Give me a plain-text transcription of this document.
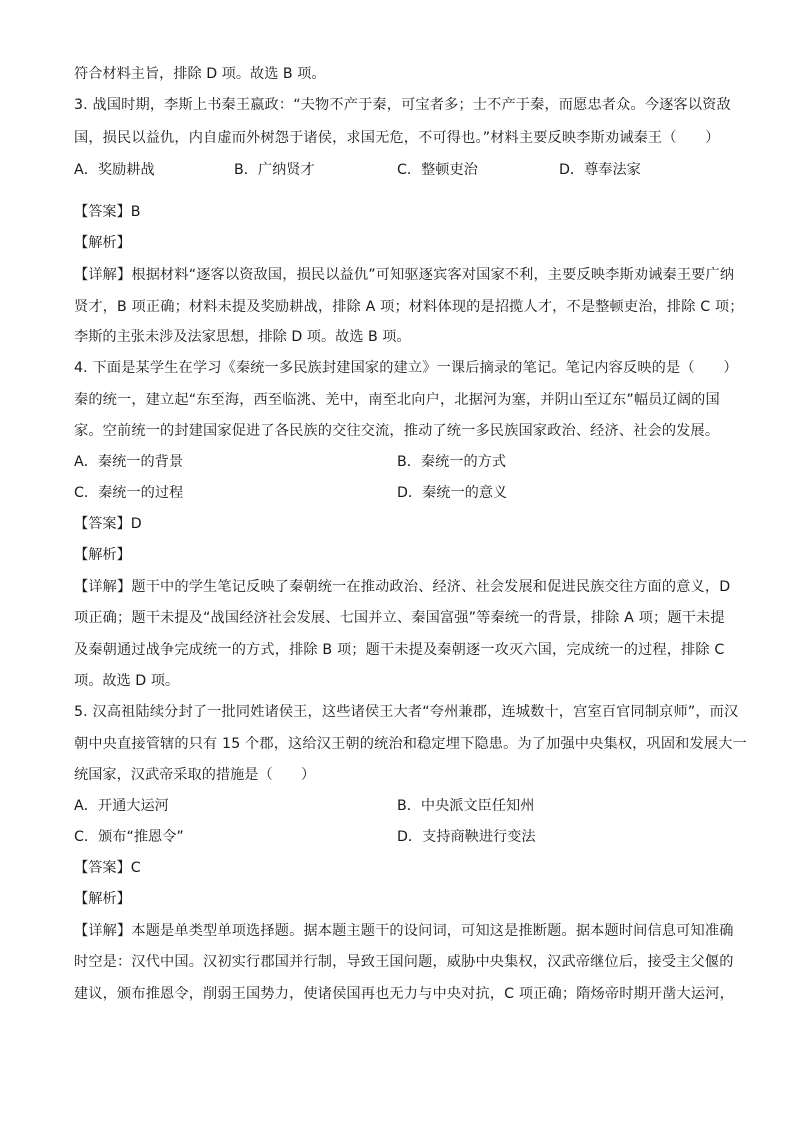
符合材料主旨，排除 D 项。故选 B 项。
3. 战国时期，李斯上书秦王嬴政：“夫物不产于秦，可宝者多；士不产于秦，而愿忠者众。今逐客以资敌
国，损民以益仇，内自虚而外树怨于诸侯，求国无危，不可得也。”材料主要反映李斯劝诫秦王（　　）
A．奖励耕战	B．广纳贤才	C．整顿吏治	D．尊奉法家
【答案】B
【解析】
【详解】根据材料“逐客以资敌国，损民以益仇”可知驱逐宾客对国家不利，主要反映李斯劝诫秦王要广纳
贤才，B 项正确；材料未提及奖励耕战，排除 A 项；材料体现的是招揽人才，不是整顿吏治，排除 C 项；
李斯的主张未涉及法家思想，排除 D 项。故选 B 项。
4. 下面是某学生在学习《秦统一多民族封建国家的建立》一课后摘录的笔记。笔记内容反映的是（　　）
秦的统一，建立起“东至海，西至临洮、羌中，南至北向户，北据河为塞，并阴山至辽东”幅员辽阔的国
家。空前统一的封建国家促进了各民族的交往交流，推动了统一多民族国家政治、经济、社会的发展。
A．秦统一的背景	B．秦统一的方式
C．秦统一的过程	D．秦统一的意义
【答案】D
【解析】
【详解】题干中的学生笔记反映了秦朝统一在推动政治、经济、社会发展和促进民族交往方面的意义，D
项正确；题干未提及“战国经济社会发展、七国并立、秦国富强”等秦统一的背景，排除 A 项；题干未提
及秦朝通过战争完成统一的方式，排除 B 项；题干未提及秦朝逐一攻灭六国，完成统一的过程，排除 C
项。故选 D 项。
5. 汉高祖陆续分封了一批同姓诸侯王，这些诸侯王大者“夸州兼郡，连城数十，宫室百官同制京师”，而汉
朝中央直接管辖的只有 15 个郡，这给汉王朝的统治和稳定埋下隐患。为了加强中央集权，巩固和发展大一
统国家，汉武帝采取的措施是（　　）
A．开通大运河	B．中央派文臣任知州
C．颁布“推恩令”	D．支持商鞅进行变法
【答案】C
【解析】
【详解】本题是单类型单项选择题。据本题主题干的设问词，可知这是推断题。据本题时间信息可知准确
时空是：汉代中国。汉初实行郡国并行制，导致王国问题，威胁中央集权，汉武帝继位后，接受主父偃的
建议，颁布推恩令，削弱王国势力，使诸侯国再也无力与中央对抗，C 项正确；隋炀帝时期开凿大运河，
